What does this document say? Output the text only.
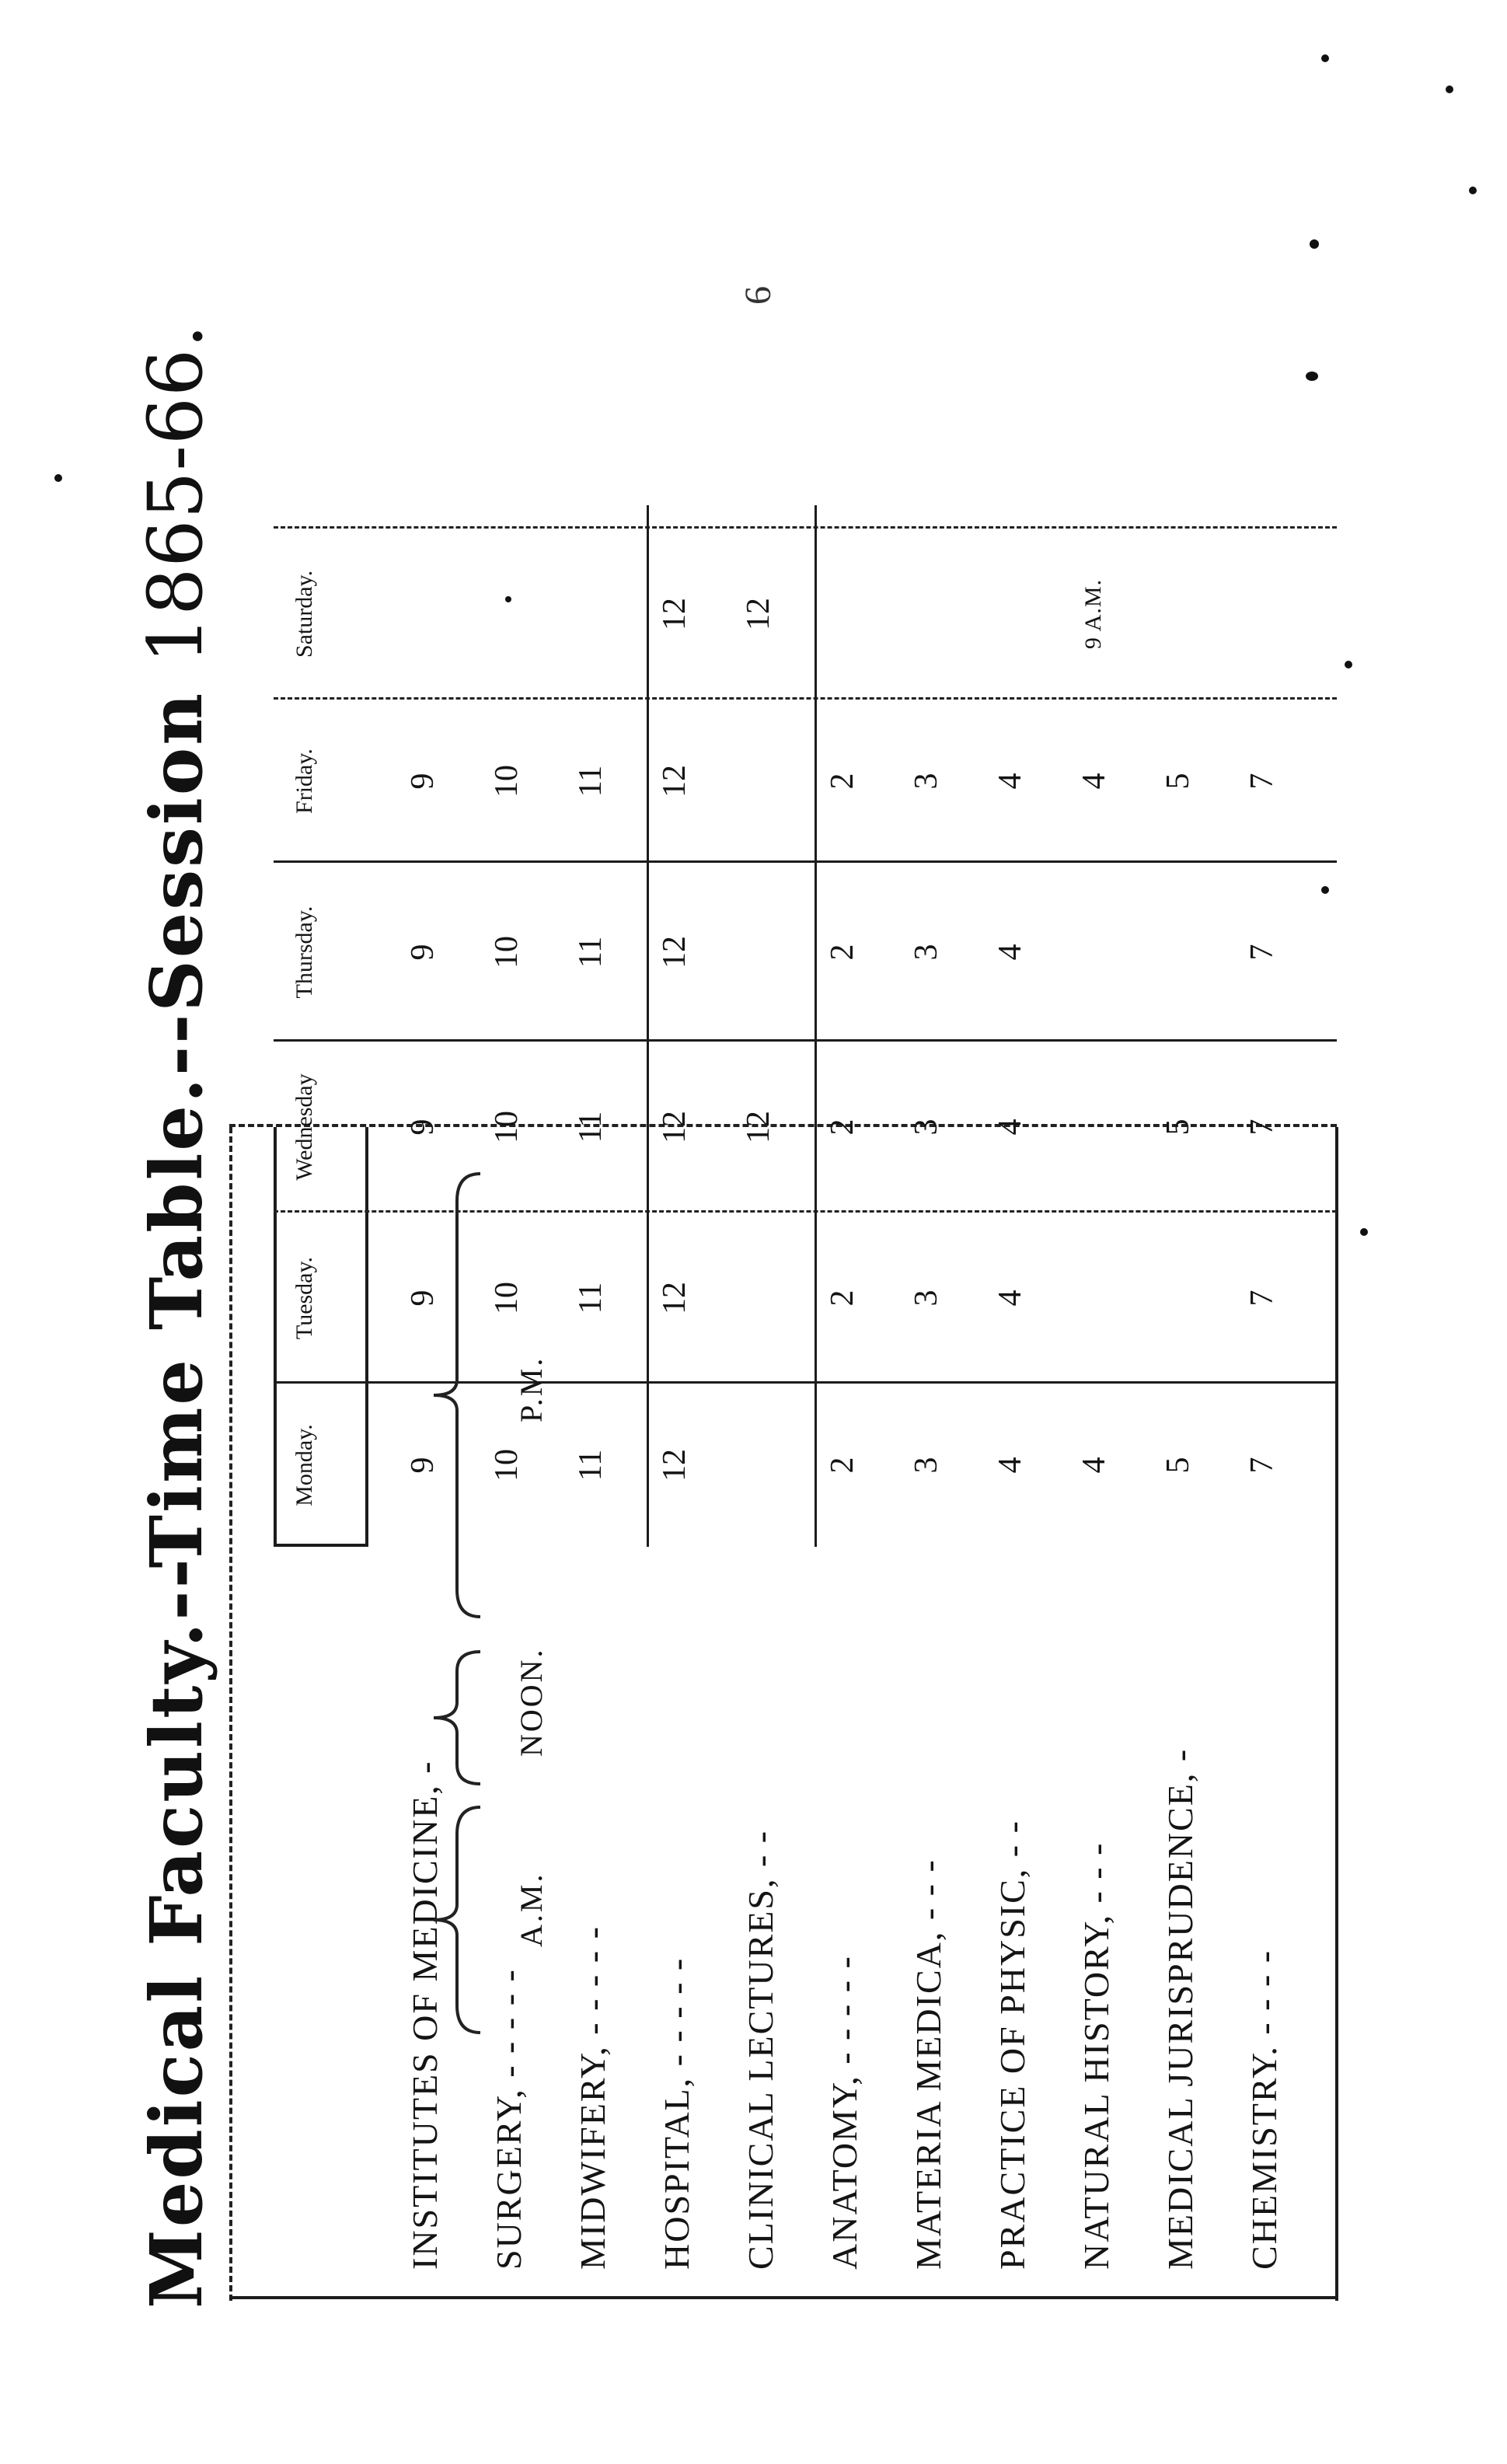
6
Medical Faculty.--Time Table.--Session 1865-66.
Monday.
Tuesday.
Wednesday
Thursday.
Friday.
Saturday.
INSTITUTES OF MEDICINE, - SURGERY, - - - - - MIDWIFERY, - - - - - HOSPITAL, - - - - - CLINICAL LECTURES, - - ANATOMY, - - - - - MATERIA MEDICA, - - - PRACTICE OF PHYSIC, - - NATURAL HISTORY, - - - MEDICAL JURISPRUDENCE, - CHEMISTRY. - - - -
9
9
9
9
9
10
10
10
10
10
11
11
11
11
11
12
12
12
12
12
12
12
12
2
2
2
2
2
3
3
3
3
3
4
4
4
4
4
4
4
9 A.M.
5
5
5
7
7
7
7
7
A.M.
NOON.
P.M.
